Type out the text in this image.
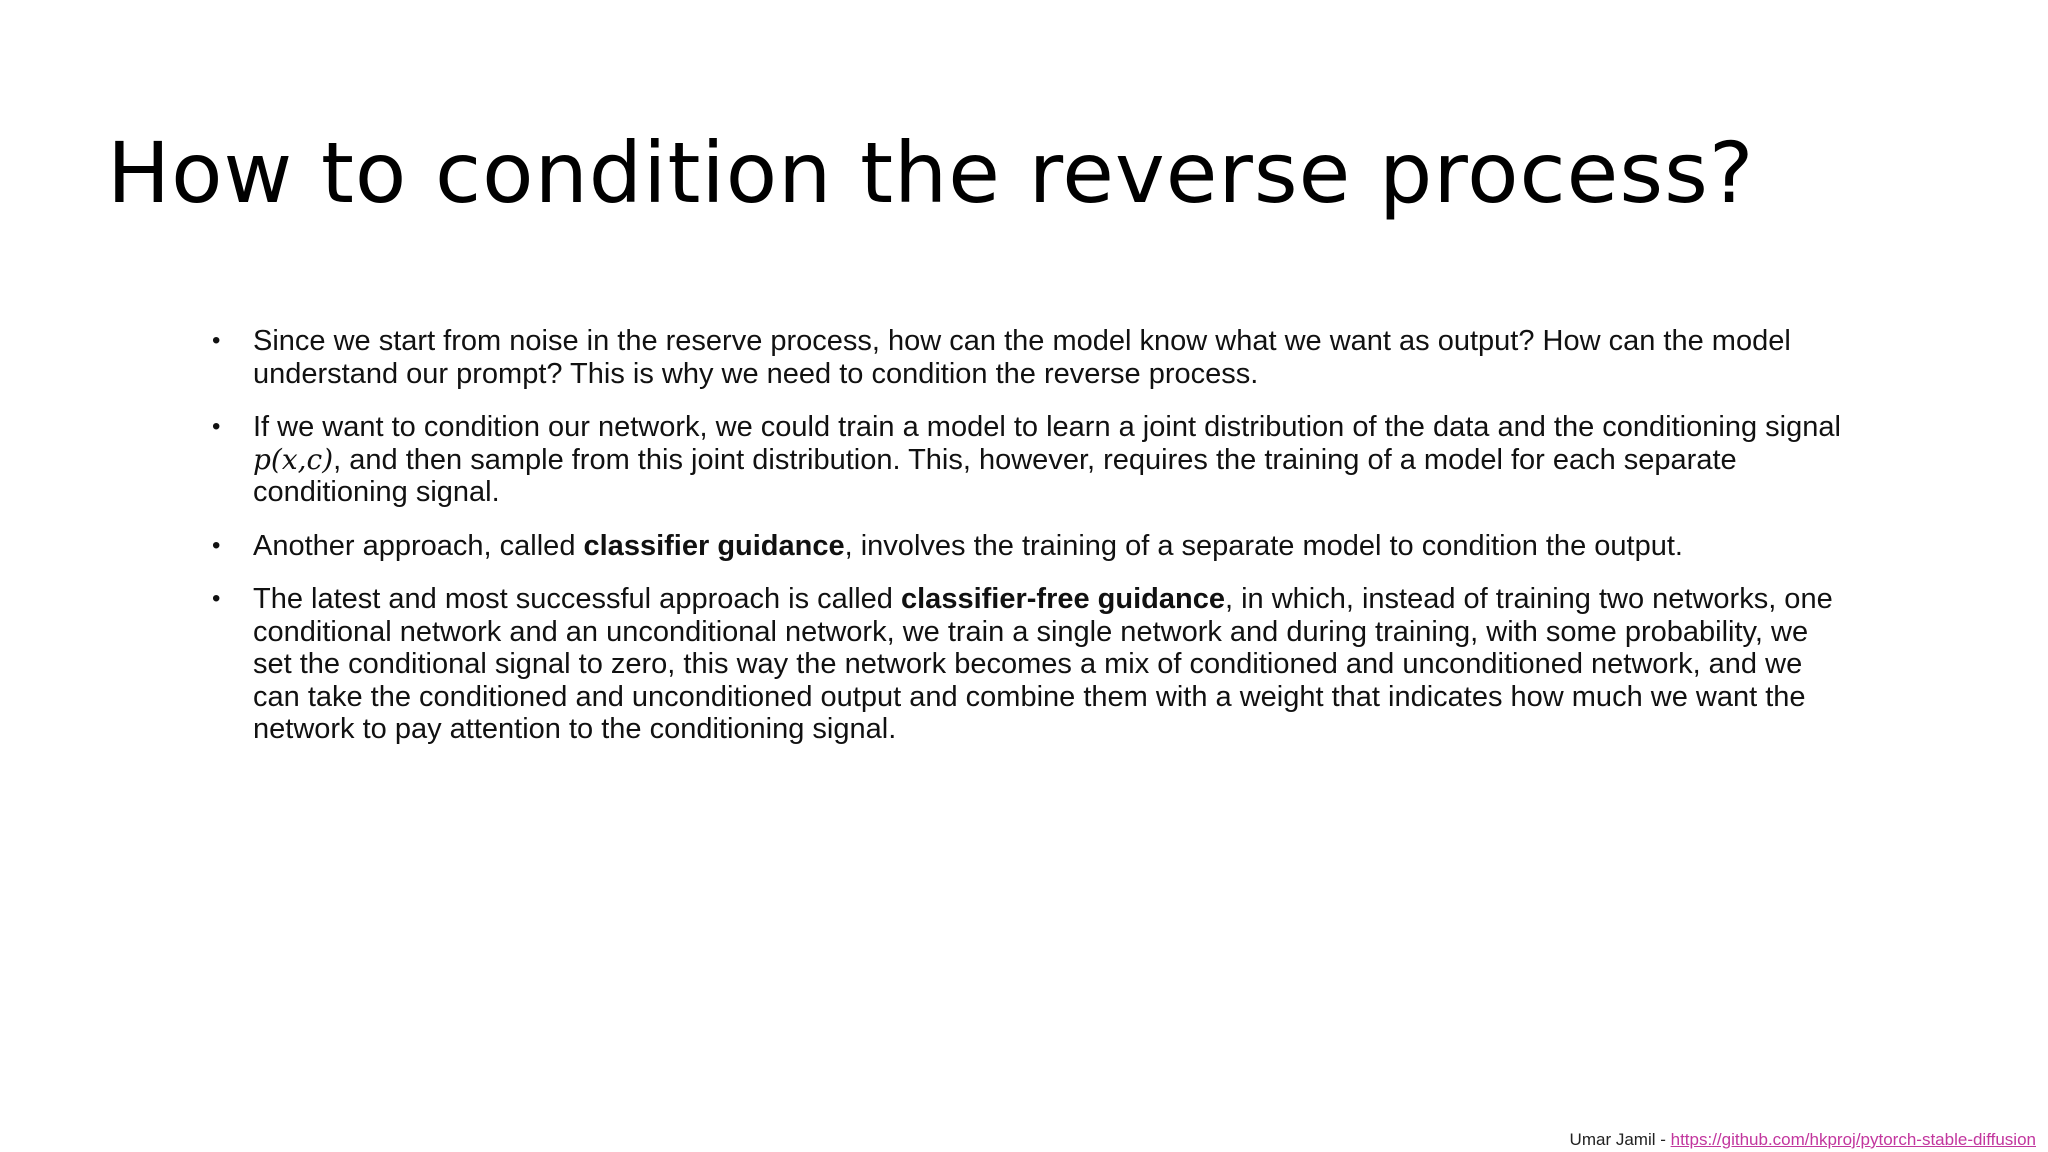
How to condition the reverse process?
• Since we start from noise in the reserve process, how can the model know what we want as output? How can the model understand our prompt? This is why we need to condition the reverse process.
• If we want to condition our network, we could train a model to learn a joint distribution of the data and the conditioning signal p(x,c), and then sample from this joint distribution. This, however, requires the training of a model for each separate conditioning signal.
• Another approach, called classifier guidance, involves the training of a separate model to condition the output.
• The latest and most successful approach is called classifier-free guidance, in which, instead of training two networks, one conditional network and an unconditional network, we train a single network and during training, with some probability, we set the conditional signal to zero, this way the network becomes a mix of conditioned and unconditioned network, and we can take the conditioned and unconditioned output and combine them with a weight that indicates how much we want the network to pay attention to the conditioning signal.
Umar Jamil - https://github.com/hkproj/pytorch-stable-diffusion
